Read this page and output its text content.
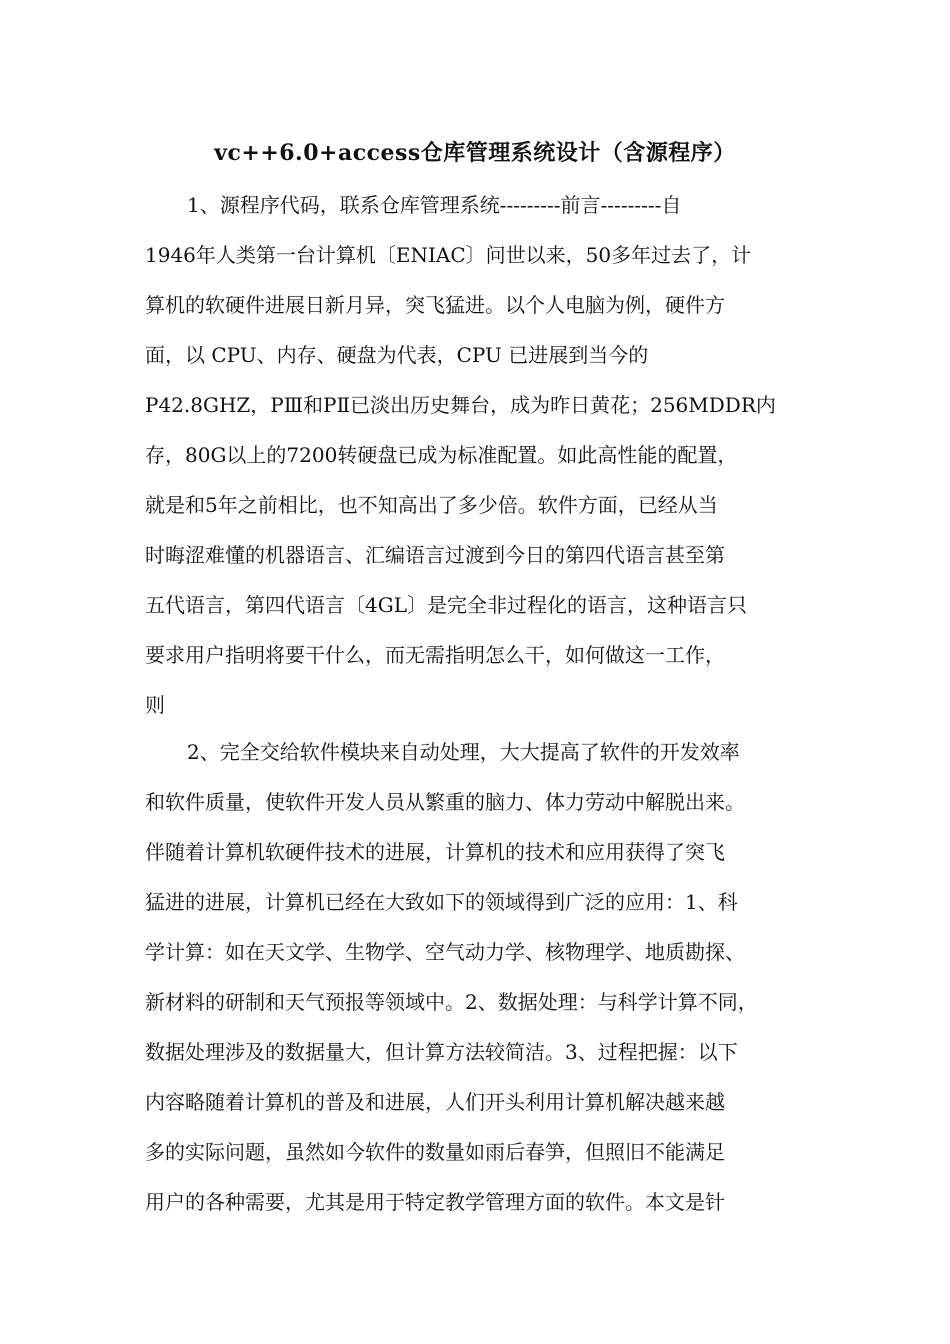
vc++6.0+access仓库管理系统设计（含源程序）
1、源程序代码，联系仓库管理系统---------前言---------自
1946年人类第一台计算机〔ENIAC〕问世以来，50多年过去了，计
算机的软硬件进展日新月异，突飞猛进。以个人电脑为例，硬件方
面，以 CPU、内存、硬盘为代表，CPU 已进展到当今的
P42.8GHZ，PⅢ和PⅡ已淡出历史舞台，成为昨日黄花；256MDDR内
存，80G以上的7200转硬盘已成为标准配置。如此高性能的配置，
就是和5年之前相比，也不知高出了多少倍。软件方面，已经从当
时晦涩难懂的机器语言、汇编语言过渡到今日的第四代语言甚至第
五代语言，第四代语言〔4GL〕是完全非过程化的语言，这种语言只
要求用户指明将要干什么，而无需指明怎么干，如何做这一工作，
则
2、完全交给软件模块来自动处理，大大提高了软件的开发效率
和软件质量，使软件开发人员从繁重的脑力、体力劳动中解脱出来。
伴随着计算机软硬件技术的进展，计算机的技术和应用获得了突飞
猛进的进展，计算机已经在大致如下的领域得到广泛的应用：1、科
学计算：如在天文学、生物学、空气动力学、核物理学、地质勘探、
新材料的研制和天气预报等领域中。2、数据处理：与科学计算不同，
数据处理涉及的数据量大，但计算方法较简洁。3、过程把握：以下
内容略随着计算机的普及和进展，人们开头利用计算机解决越来越
多的实际问题，虽然如今软件的数量如雨后春笋，但照旧不能满足
用户的各种需要，尤其是用于特定教学管理方面的软件。本文是针
